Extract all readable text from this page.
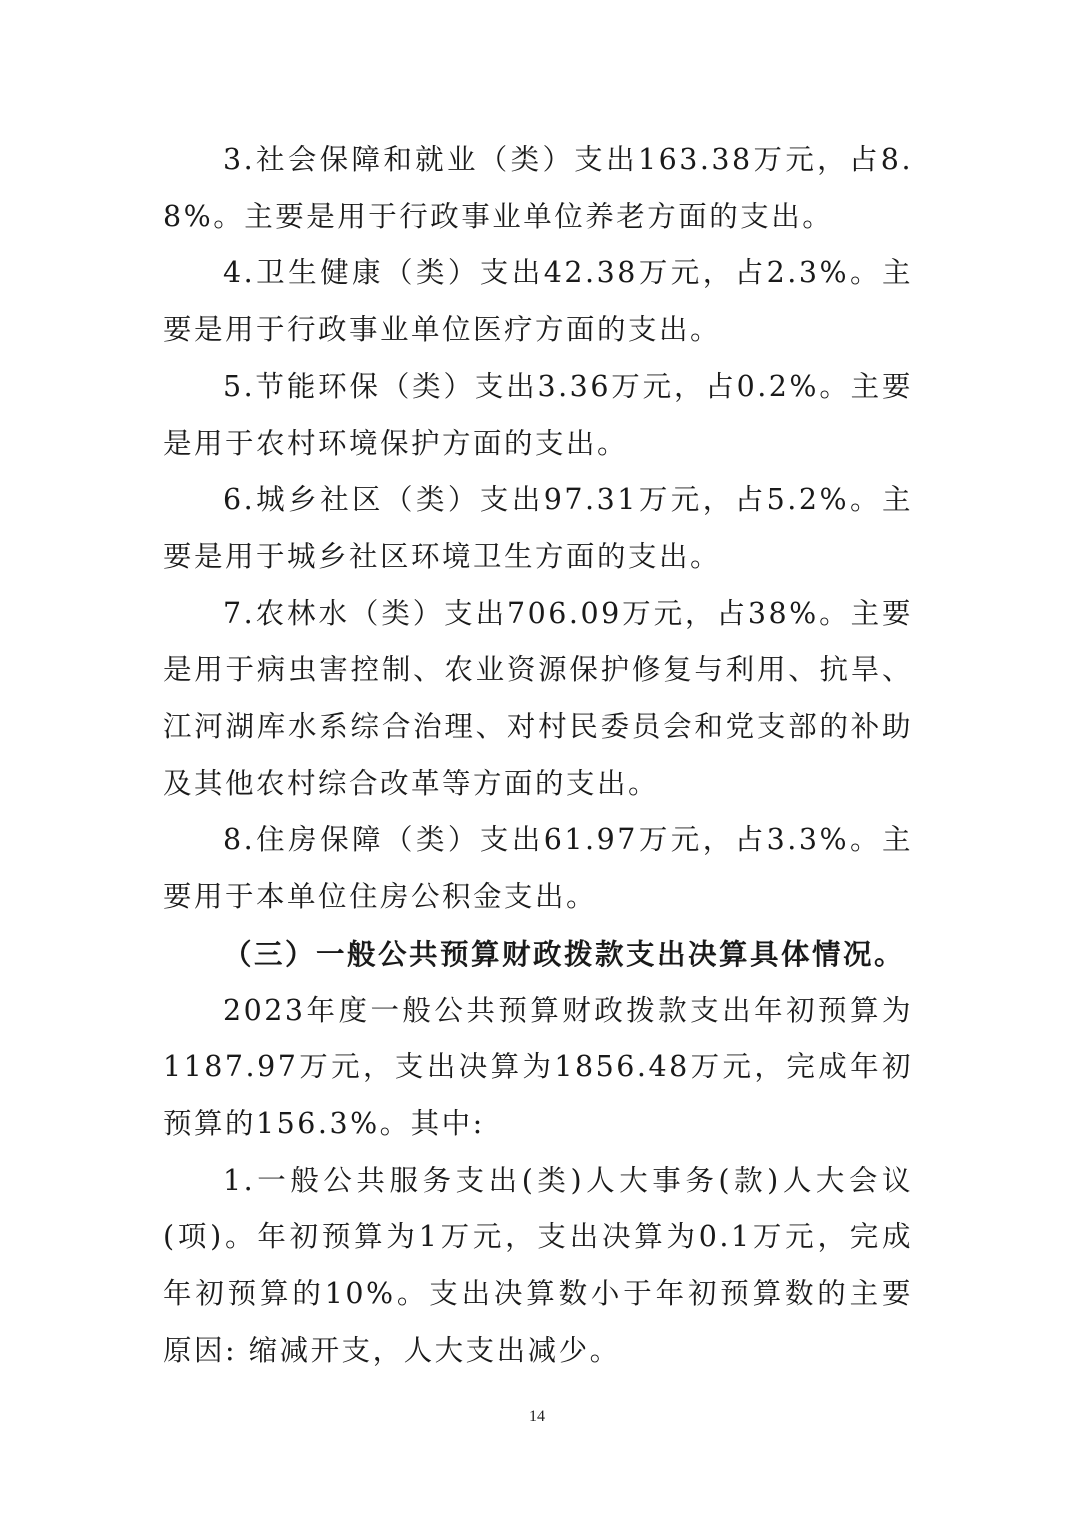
3.社会保障和就业（类）支出163.38万元，占8.8%。主要是用于行政事业单位养老方面的支出。

4.卫生健康（类）支出42.38万元，占2.3%。主要是用于行政事业单位医疗方面的支出。

5.节能环保（类）支出3.36万元，占0.2%。主要是用于农村环境保护方面的支出。

6.城乡社区（类）支出97.31万元，占5.2%。主要是用于城乡社区环境卫生方面的支出。

7.农林水（类）支出706.09万元，占38%。主要是用于病虫害控制、农业资源保护修复与利用、抗旱、江河湖库水系综合治理、对村民委员会和党支部的补助及其他农村综合改革等方面的支出。

8.住房保障（类）支出61.97万元，占3.3%。主要用于本单位住房公积金支出。

（三）一般公共预算财政拨款支出决算具体情况。

2023年度一般公共预算财政拨款支出年初预算为1187.97万元，支出决算为1856.48万元，完成年初预算的156.3%。其中:

1.一般公共服务支出(类)人大事务(款)人大会议(项)。年初预算为1万元，支出决算为0.1万元，完成年初预算的10%。支出决算数小于年初预算数的主要原因: 缩减开支，人大支出减少。

14
